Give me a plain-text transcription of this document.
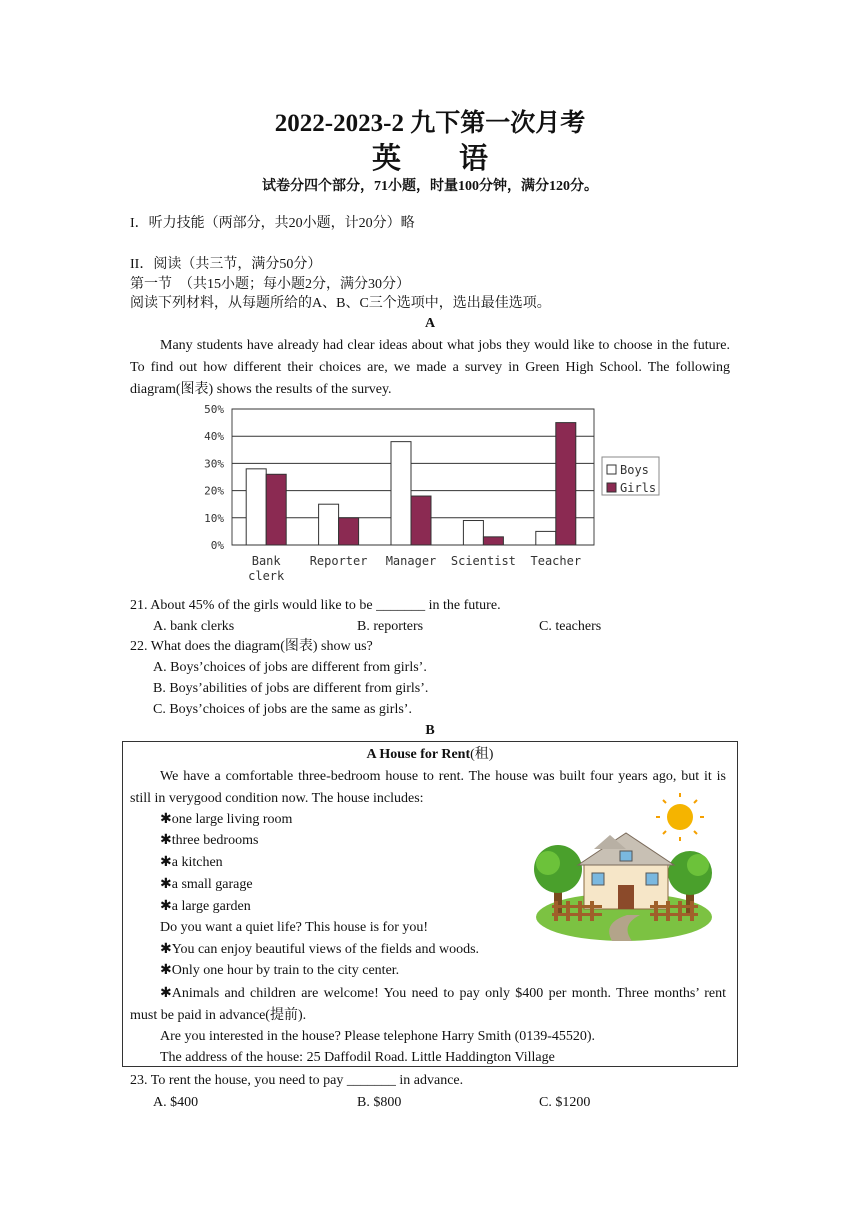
2022-2023-2 九下第一次月考
英　　语
试卷分四个部分，71小题，时量100分钟，满分120分。
I．听力技能（两部分，共20小题，计20分）略
II．阅读（共三节，满分50分）
第一节　（共15小题；每小题2分，满分30分）
阅读下列材料，从每题所给的A、B、C三个选项中，选出最佳选项。
A
Many students have already had clear ideas about what jobs they would like to choose in the future. To find out how different their choices are, we made a survey in Green High School. The following diagram(图表) shows the results of the survey.
0%
10%
20%
30%
40%
50%
Bank
clerk
Reporter Manager Scientist Teacher
Boys
Girls
21. About 45% of the girls would like to be _______ in the future.
A. bank clerks	B. reporters	C. teachers
22. What does the diagram(图表) show us?
A. Boys’choices of jobs are different from girls’.
B. Boys’abilities of jobs are different from girls’.
C. Boys’choices of jobs are the same as girls’.
B
A House for Rent(租)
We have a comfortable three-bedroom house to rent. The house was built four years ago, but it is still in verygood condition now. The house includes:
✱one large living room
✱three bedrooms
✱a kitchen
✱a small garage
✱a large garden
Do you want a quiet life? This house is for you!
✱You can enjoy beautiful views of the fields and woods.
✱Only one hour by train to the city center.
✱Animals and children are welcome! You need to pay only $400 per month. Three months’ rent must be paid in advance(提前).
Are you interested in the house? Please telephone Harry Smith (0139-45520).
The address of the house: 25 Daffodil Road. Little Haddington Village
23. To rent the house, you need to pay _______ in advance.
A. $400	B. $800	C. $1200
